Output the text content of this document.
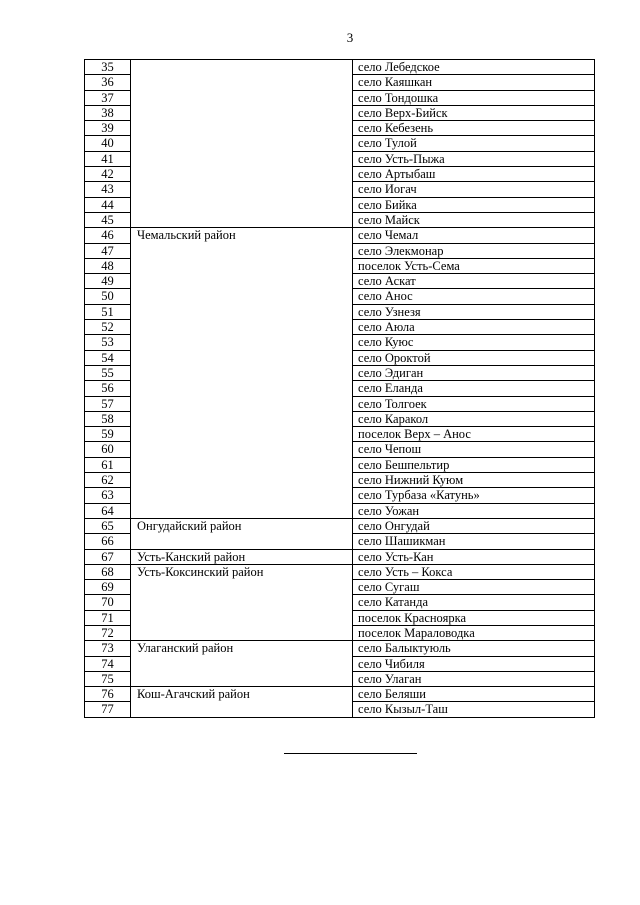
3
35		село Лебедское
36		село Каяшкан
37		село Тондошка
38		село Верх-Бийск
39		село Кебезень
40		село Тулой
41		село Усть-Пыжа
42		село Артыбаш
43		село Иогач
44		село Бийка
45		село Майск
46	Чемальский район	село Чемал
47		село Элекмонар
48		поселок Усть-Сема
49		село Аскат
50		село Анос
51		село Узнезя
52		село Аюла
53		село Куюс
54		село Ороктой
55		село Эдиган
56		село Еланда
57		село Толгоек
58		село Каракол
59		поселок Верх – Анос
60		село Чепош
61		село Бешпельтир
62		село Нижний Куюм
63		село Турбаза «Катунь»
64		село Уожан
65	Онгудайский район	село Онгудай
66		село Шашикман
67	Усть-Канский район	село Усть-Кан
68	Усть-Коксинский район	село Усть – Кокса
69		село Сугаш
70		село Катанда
71		поселок Красноярка
72		поселок Мараловодка
73	Улаганский район	село Балыктуюль
74		село Чибиля
75		село Улаган
76	Кош-Агачский район	село Беляши
77		село Кызыл-Таш
